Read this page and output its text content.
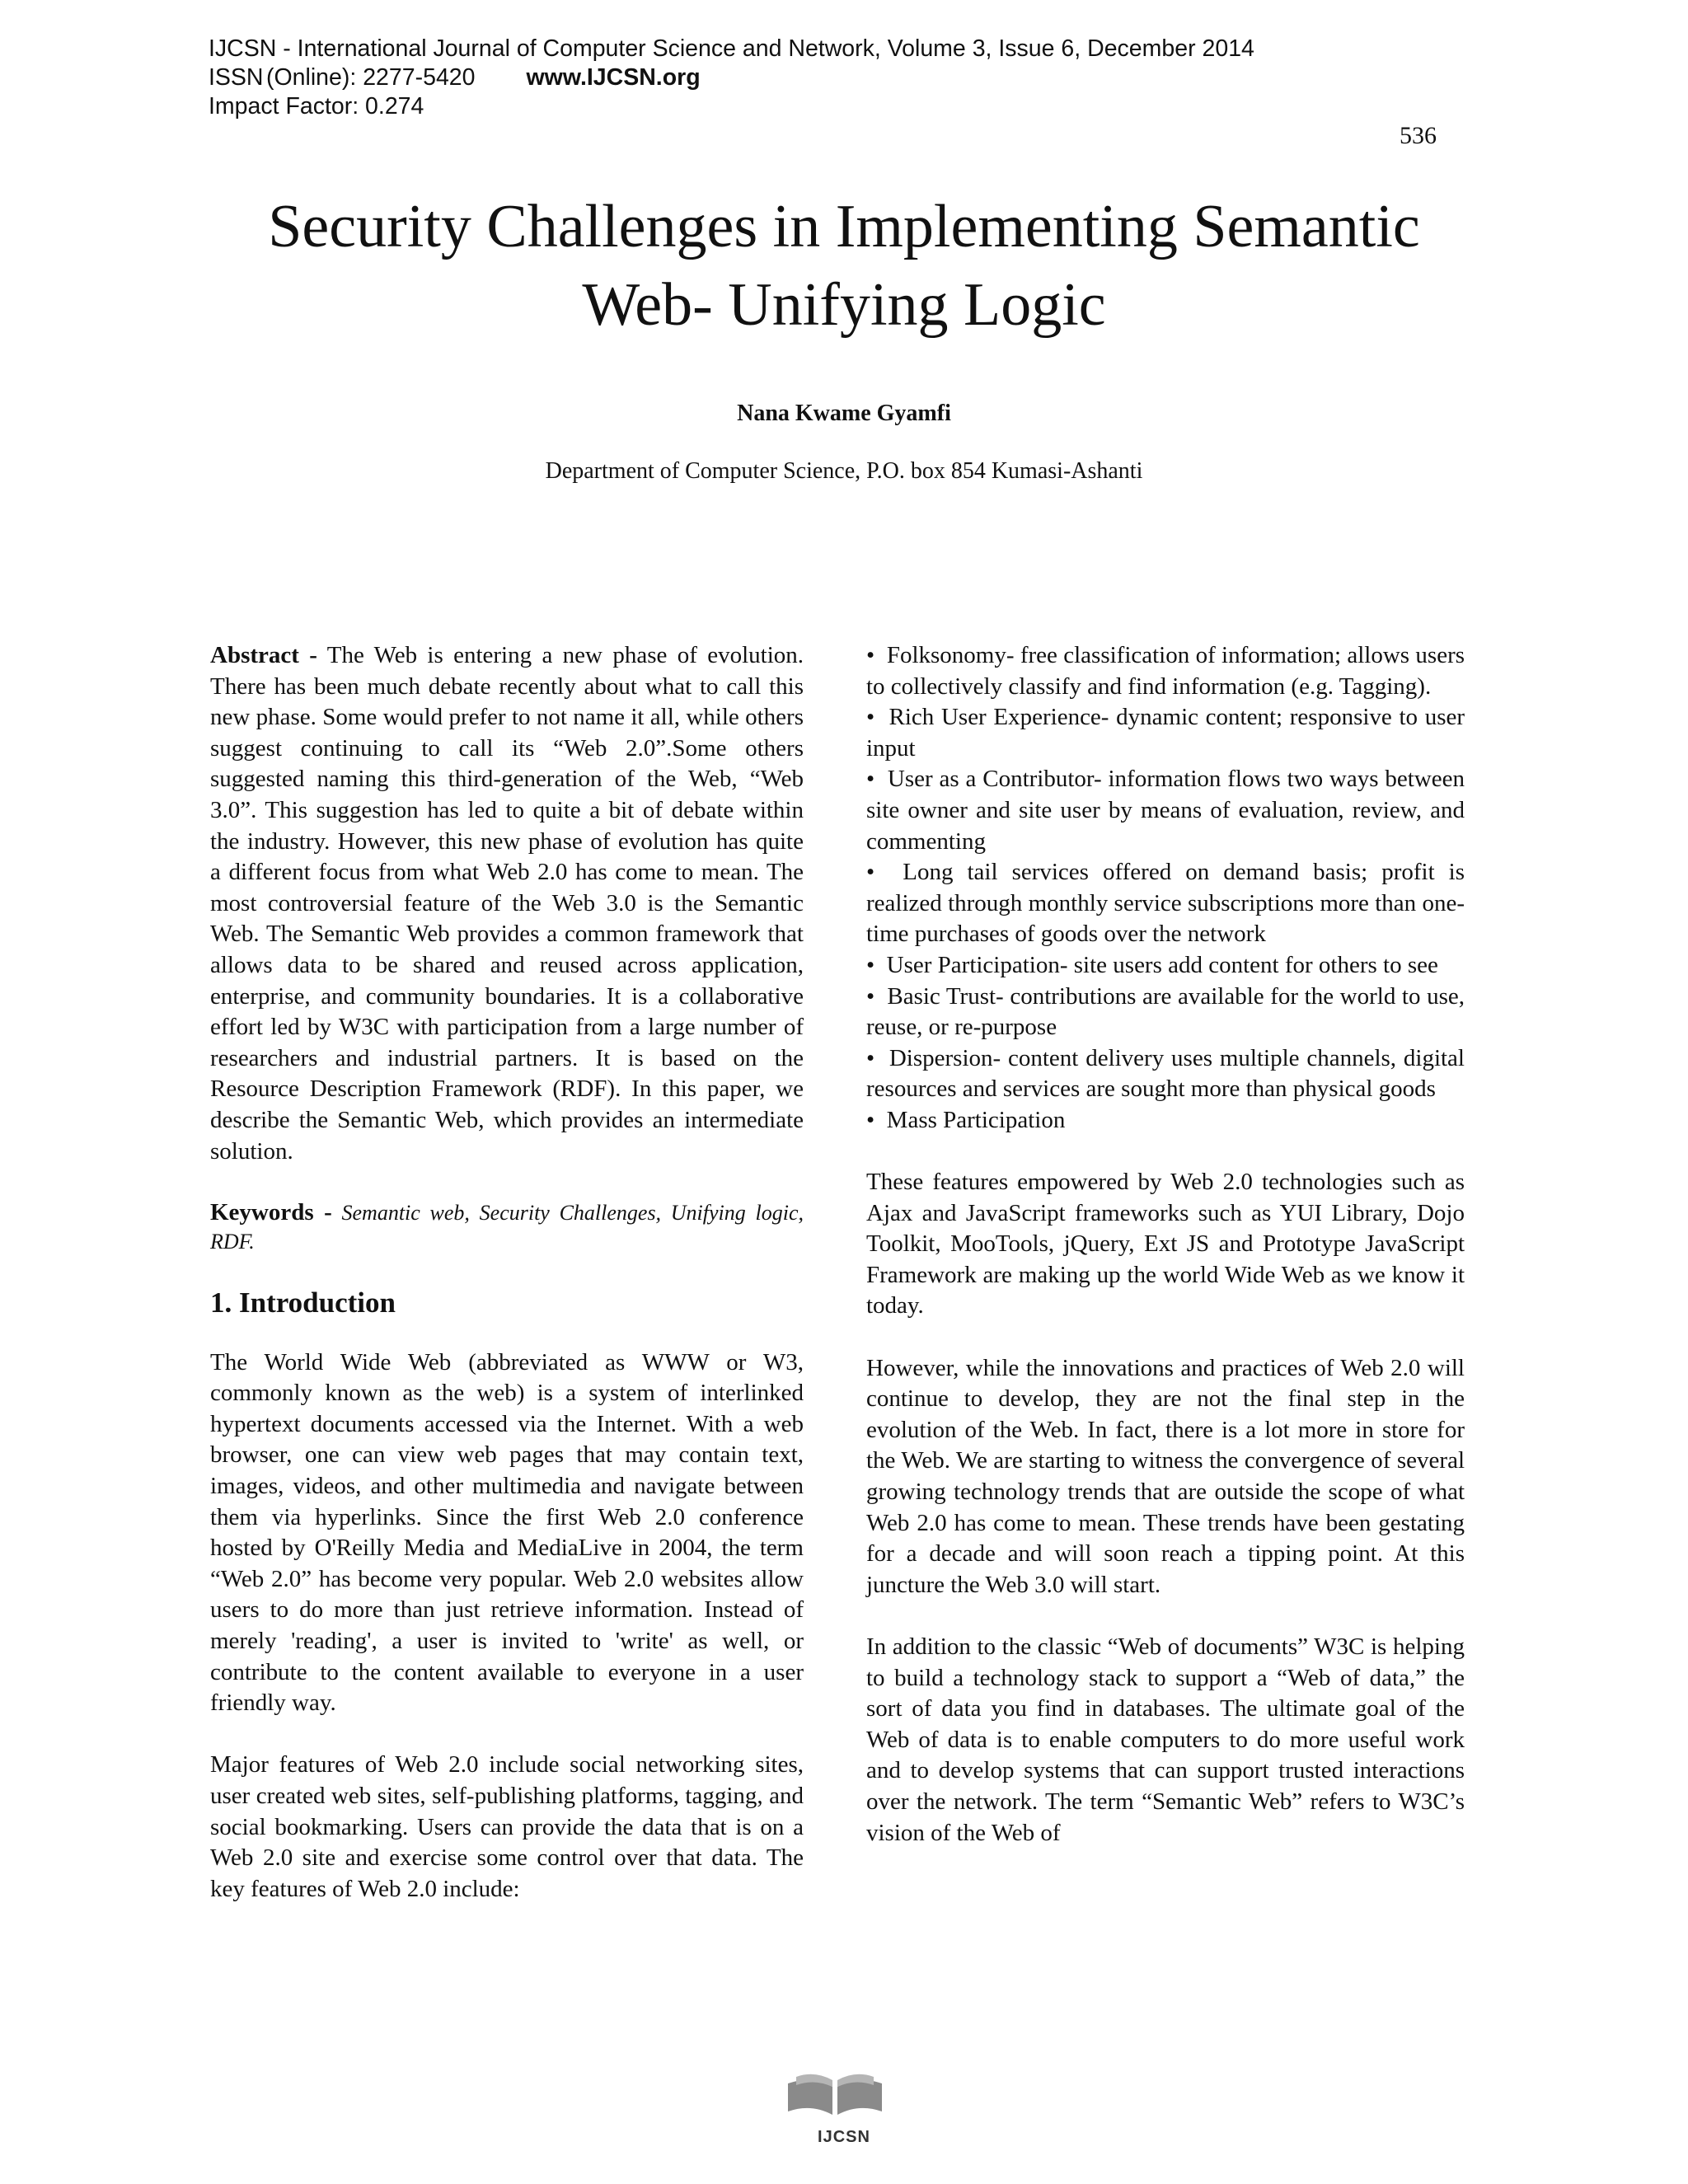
IJCSN - International Journal of Computer Science and Network, Volume 3, Issue 6, December 2014
ISSN (Online): 2277-5420 www.IJCSN.org
Impact Factor: 0.274
536
Security Challenges in Implementing Semantic
Web- Unifying Logic
Nana Kwame Gyamfi
Department of Computer Science, P.O. box 854 Kumasi-Ashanti

Abstract - The Web is entering a new phase of evolution. There has been much debate recently about what to call this new phase. Some would prefer to not name it all, while others suggest continuing to call its “Web 2.0”.Some others suggested naming this third-generation of the Web, “Web 3.0”. This suggestion has led to quite a bit of debate within the industry. However, this new phase of evolution has quite a different focus from what Web 2.0 has come to mean. The most controversial feature of the Web 3.0 is the Semantic Web. The Semantic Web provides a common framework that allows data to be shared and reused across application, enterprise, and community boundaries. It is a collaborative effort led by W3C with participation from a large number of researchers and industrial partners. It is based on the Resource Description Framework (RDF). In this paper, we describe the Semantic Web, which provides an intermediate solution.

Keywords - Semantic web, Security Challenges, Unifying logic, RDF.

1. Introduction

The World Wide Web (abbreviated as WWW or W3, commonly known as the web) is a system of interlinked hypertext documents accessed via the Internet. With a web browser, one can view web pages that may contain text, images, videos, and other multimedia and navigate between them via hyperlinks. Since the first Web 2.0 conference hosted by O'Reilly Media and MediaLive in 2004, the term “Web 2.0” has become very popular. Web 2.0 websites allow users to do more than just retrieve information. Instead of merely 'reading', a user is invited to 'write' as well, or contribute to the content available to everyone in a user friendly way.

Major features of Web 2.0 include social networking sites, user created web sites, self-publishing platforms, tagging, and social bookmarking. Users can provide the data that is on a Web 2.0 site and exercise some control over that data. The key features of Web 2.0 include:

•  Folksonomy- free classification of information; allows users to collectively classify and find information (e.g. Tagging).

•  Rich User Experience- dynamic content; responsive to user input

•  User as a Contributor- information flows two ways between site owner and site user by means of evaluation, review, and commenting

•  Long tail services offered on demand basis; profit is realized through monthly service subscriptions more than one-time purchases of goods over the network

•  User Participation- site users add content for others to see

•  Basic Trust- contributions are available for the world to use, reuse, or re-purpose

•  Dispersion- content delivery uses multiple channels, digital resources and services are sought more than physical goods

•  Mass Participation

These features empowered by Web 2.0 technologies such as Ajax and JavaScript frameworks such as YUI Library, Dojo Toolkit, MooTools, jQuery, Ext JS and Prototype JavaScript Framework are making up the world Wide Web as we know it today.

However, while the innovations and practices of Web 2.0 will continue to develop, they are not the final step in the evolution of the Web. In fact, there is a lot more in store for the Web. We are starting to witness the convergence of several growing technology trends that are outside the scope of what Web 2.0 has come to mean. These trends have been gestating for a decade and will soon reach a tipping point. At this juncture the Web 3.0 will start.

In addition to the classic “Web of documents” W3C is helping to build a technology stack to support a “Web of data,” the sort of data you find in databases. The ultimate goal of the Web of data is to enable computers to do more useful work and to develop systems that can support trusted interactions over the network. The term “Semantic Web” refers to W3C’s vision of the Web of

IJCSN
